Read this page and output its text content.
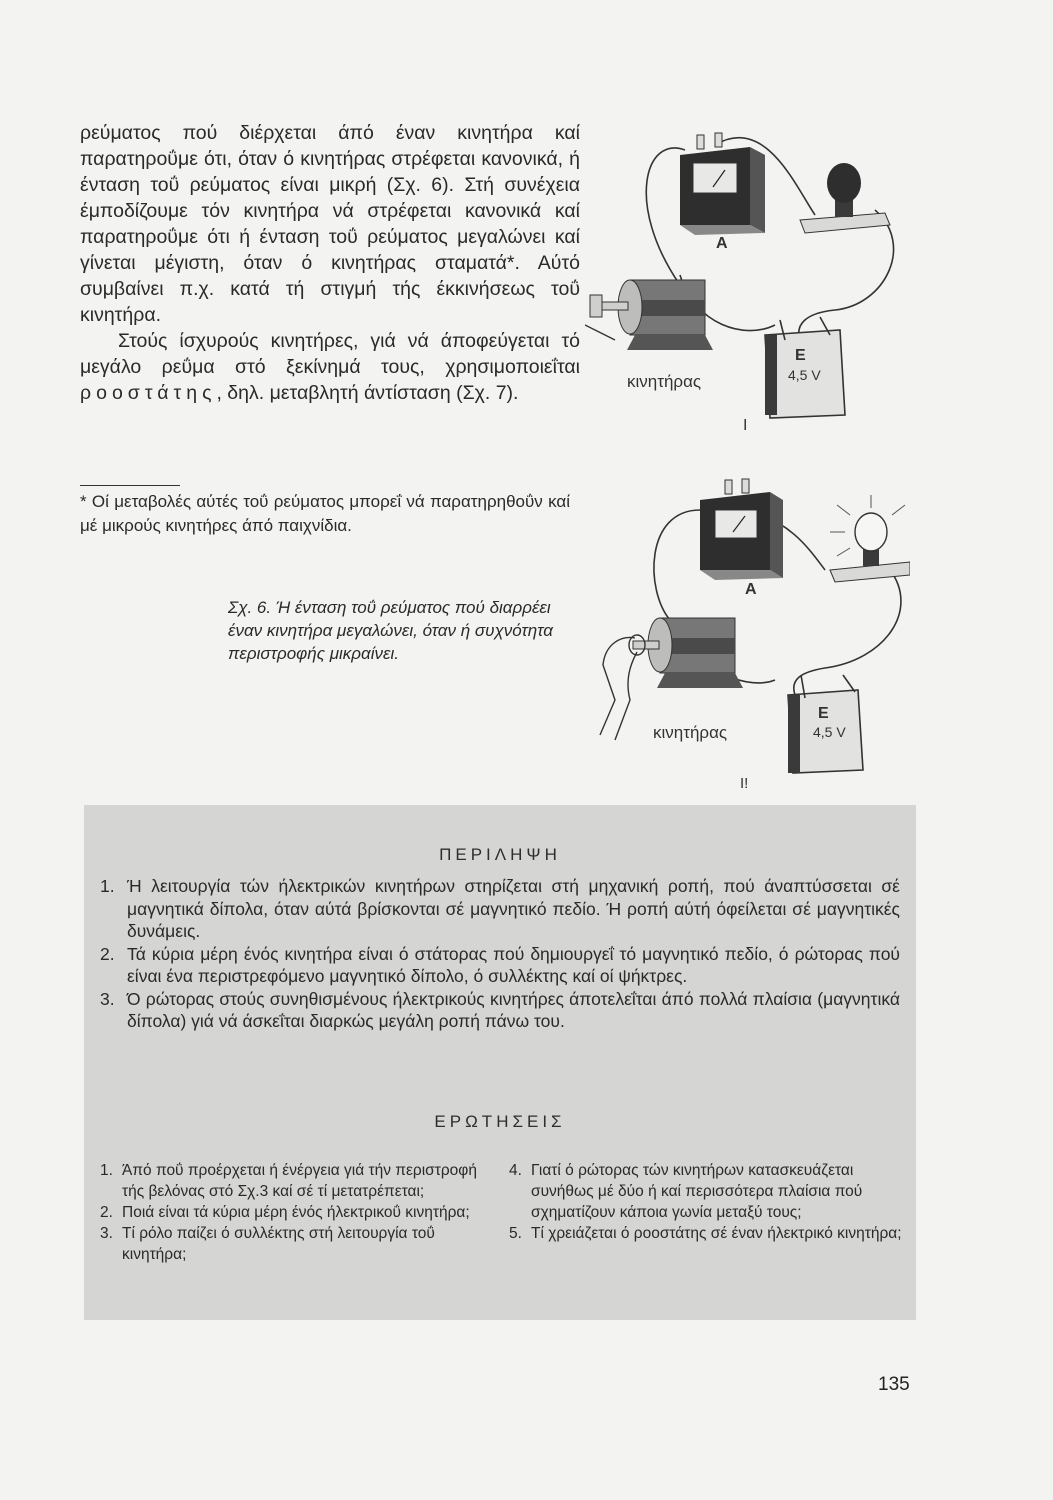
ρεύματος πού διέρχεται άπό έναν κινητήρα καί παρατηροΰμε ότι, όταν ό κινητήρας στρέφεται κανονικά, ή ένταση τοΰ ρεύματος είναι μικρή (Σχ. 6). Στή συνέχεια έμποδίζουμε τόν κινητήρα νά στρέφεται κανονικά καί παρατηροΰμε ότι ή ένταση τοΰ ρεύματος μεγαλώνει καί γίνεται μέγιστη, όταν ό κινητήρας σταματά*. Αύτό συμβαίνει π.χ. κατά τή στιγμή τής έκκινήσεως τοΰ κινητήρα.

Στούς ίσχυρούς κινητήρες, γιά νά άποφεύγεται τό μεγάλο ρεΰμα στό ξεκίνημά τους, χρησιμοποιεΐται ροοστάτης, δηλ. μεταβλητή άντίσταση (Σχ. 7).

* Οί μεταβολές αύτές τοΰ ρεύματος μπορεΐ νά παρατηρηθοΰν καί μέ μικρούς κινητήρες άπό παιχνίδια.
Σχ. 6. Ή ένταση τοΰ ρεύματος πού διαρρέει έναν κινητήρα μεγαλώνει, όταν ή συχνότητα περιστροφής μικραίνει.
A
κινητήρας
E
4,5 V
I
A
κινητήρας
E
4,5 V
I!
ΠΕΡΙΛΗΨΗ
1. Ή λειτουργία τών ήλεκτρικών κινητήρων στηρίζεται στή μηχανική ροπή, πού άναπτύσσεται σέ μαγνητικά δίπολα, όταν αύτά βρίσκονται σέ μαγνητικό πεδίο. Ή ροπή αύτή όφείλεται σέ μαγνητικές δυνάμεις.
2. Τά κύρια μέρη ένός κινητήρα είναι ό στάτορας πού δημιουργεΐ τό μαγνητικό πεδίο, ό ρώτορας πού είναι ένα περιστρεφόμενο μαγνητικό δίπολο, ό συλλέκτης καί οί ψήκτρες.
3. Ό ρώτορας στούς συνηθισμένους ήλεκτρικούς κινητήρες άποτελεΐται άπό πολλά πλαίσια (μαγνητικά δίπολα) γιά νά άσκεΐται διαρκώς μεγάλη ροπή πάνω του.
ΕΡΩΤΗΣΕΙΣ
1. Άπό ποΰ προέρχεται ή ένέργεια γιά τήν περιστροφή τής βελόνας στό Σχ.3 καί σέ τί μετατρέπεται;
2. Ποιά είναι τά κύρια μέρη ένός ήλεκτρικοΰ κινητήρα;
3. Τί ρόλο παίζει ό συλλέκτης στή λειτουργία τοΰ κινητήρα;
4. Γιατί ό ρώτορας τών κινητήρων κατασκευάζεται συνήθως μέ δύο ή καί περισσότερα πλαίσια πού σχηματίζουν κάποια γωνία μεταξύ τους;
5. Τί χρειάζεται ό ροοστάτης σέ έναν ήλεκτρικό κινητήρα;
135
